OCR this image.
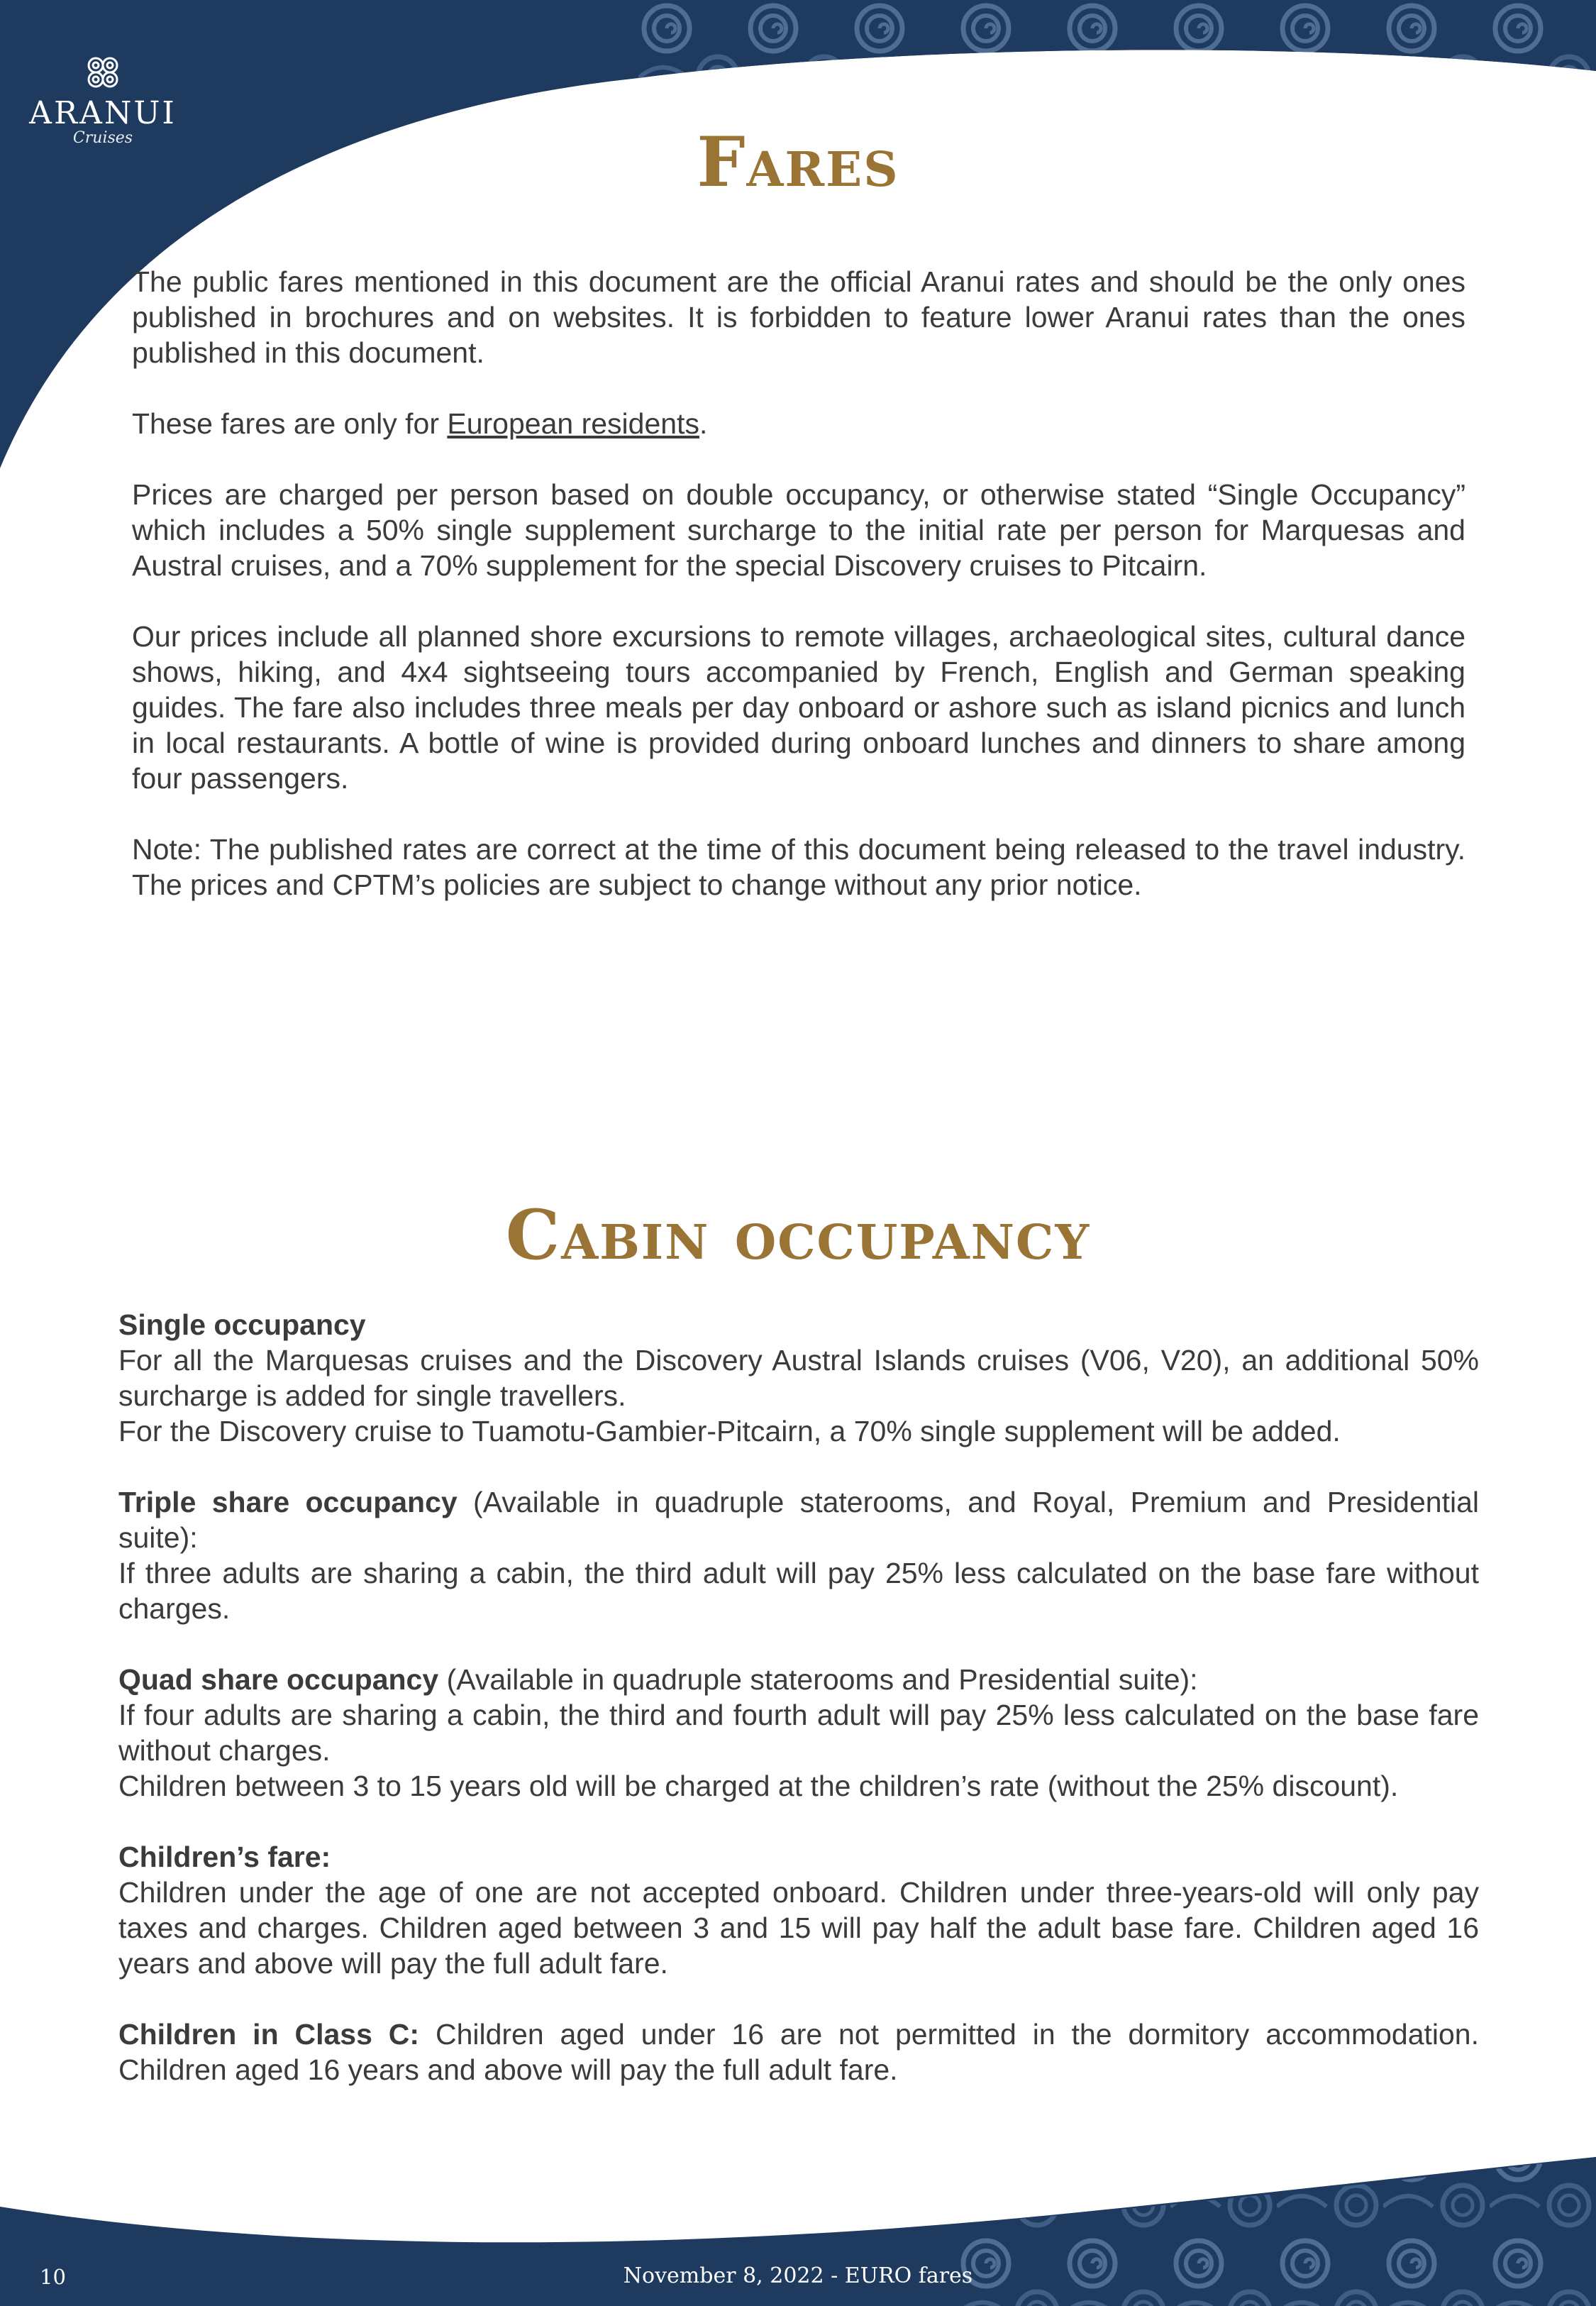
ARANUI
Cruises	Fares

The public fares mentioned in this document are the official Aranui rates and should be the only ones published in brochures and on websites. It is forbidden to feature lower Aranui rates than the ones published in this document.

These fares are only for European residents.

Prices are charged per person based on double occupancy, or otherwise stated “Single Occupancy” which includes a 50% single supplement surcharge to the initial rate per person for Marquesas and Austral cruises, and a 70% supplement for the special Discovery cruises to Pitcairn.

Our prices include all planned shore excursions to remote villages, archaeological sites, cultural dance shows, hiking, and 4x4 sightseeing tours accompanied by French, English and German speaking guides. The fare also includes three meals per day onboard or ashore such as island picnics and lunch in local restaurants. A bottle of wine is provided during onboard lunches and dinners to share among four passengers.

Note: The published rates are correct at the time of this document being released to the travel industry. The prices and CPTM’s policies are subject to change without any prior notice.

Cabin occupancy

Single occupancy
For all the Marquesas cruises and the Discovery Austral Islands cruises (V06, V20), an additional 50% surcharge is added for single travellers.
For the Discovery cruise to Tuamotu-Gambier-Pitcairn, a 70% single supplement will be added.

Triple share occupancy (Available in quadruple staterooms, and Royal, Premium and Presidential suite):
If three adults are sharing a cabin, the third adult will pay 25% less calculated on the base fare without charges.

Quad share occupancy (Available in quadruple staterooms and Presidential suite):
If four adults are sharing a cabin, the third and fourth adult will pay 25% less calculated on the base fare without charges.
Children between 3 to 15 years old will be charged at the children’s rate (without the 25% discount).

Children’s fare:
Children under the age of one are not accepted onboard. Children under three-years-old will only pay taxes and charges. Children aged between 3 and 15 will pay half the adult base fare. Children aged 16 years and above will pay the full adult fare.

Children in Class C: Children aged under 16 are not permitted in the dormitory accommodation. Children aged 16 years and above will pay the full adult fare.

10	November 8, 2022 - EURO fares
